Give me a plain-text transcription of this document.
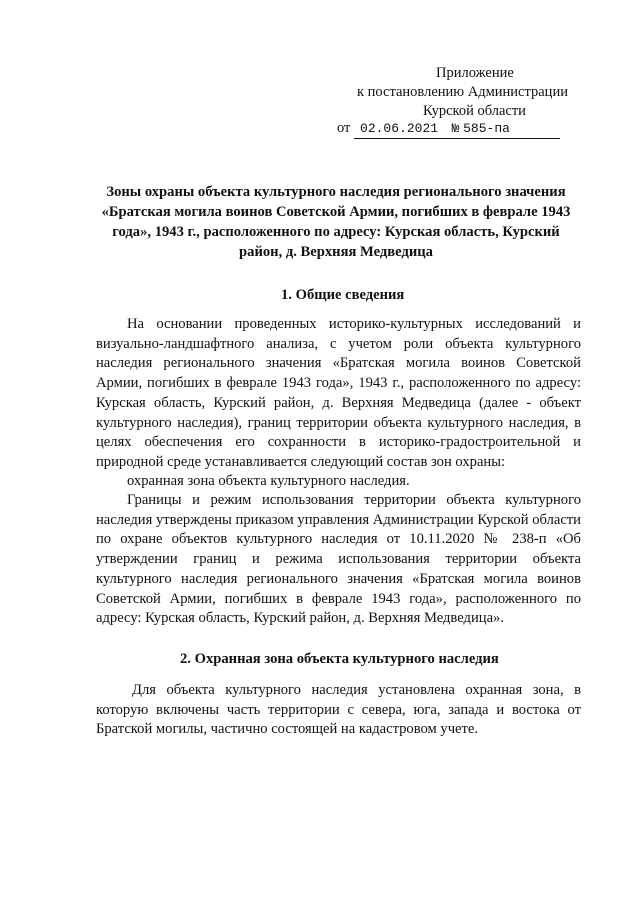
Приложение
к постановлению Администрации
Курской области
от 02.06.2021 № 585-па
Зоны охраны объекта культурного наследия регионального значения «Братская могила воинов Советской Армии, погибших в феврале 1943 года», 1943 г., расположенного по адресу: Курская область, Курский район, д. Верхняя Медведица
1. Общие сведения

На основании проведенных историко-культурных исследований и визуально-ландшафтного анализа, с учетом роли объекта культурного наследия регионального значения «Братская могила воинов Советской Армии, погибших в феврале 1943 года», 1943 г., расположенного по адресу: Курская область, Курский район, д. Верхняя Медведица (далее - объект культурного наследия), границ территории объекта культурного наследия, в целях обеспечения его сохранности в историко-градостроительной и природной среде устанавливается следующий состав зон охраны:

охранная зона объекта культурного наследия.

Границы и режим использования территории объекта культурного наследия утверждены приказом управления Администрации Курской области по охране объектов культурного наследия от 10.11.2020 № 238-п «Об утверждении границ и режима использования территории объекта культурного наследия регионального значения «Братская могила воинов Советской Армии, погибших в феврале 1943 года», расположенного по адресу: Курская область, Курский район, д. Верхняя Медведица».

2. Охранная зона объекта культурного наследия

Для объекта культурного наследия установлена охранная зона, в которую включены часть территории с севера, юга, запада и востока от Братской могилы, частично состоящей на кадастровом учете.
